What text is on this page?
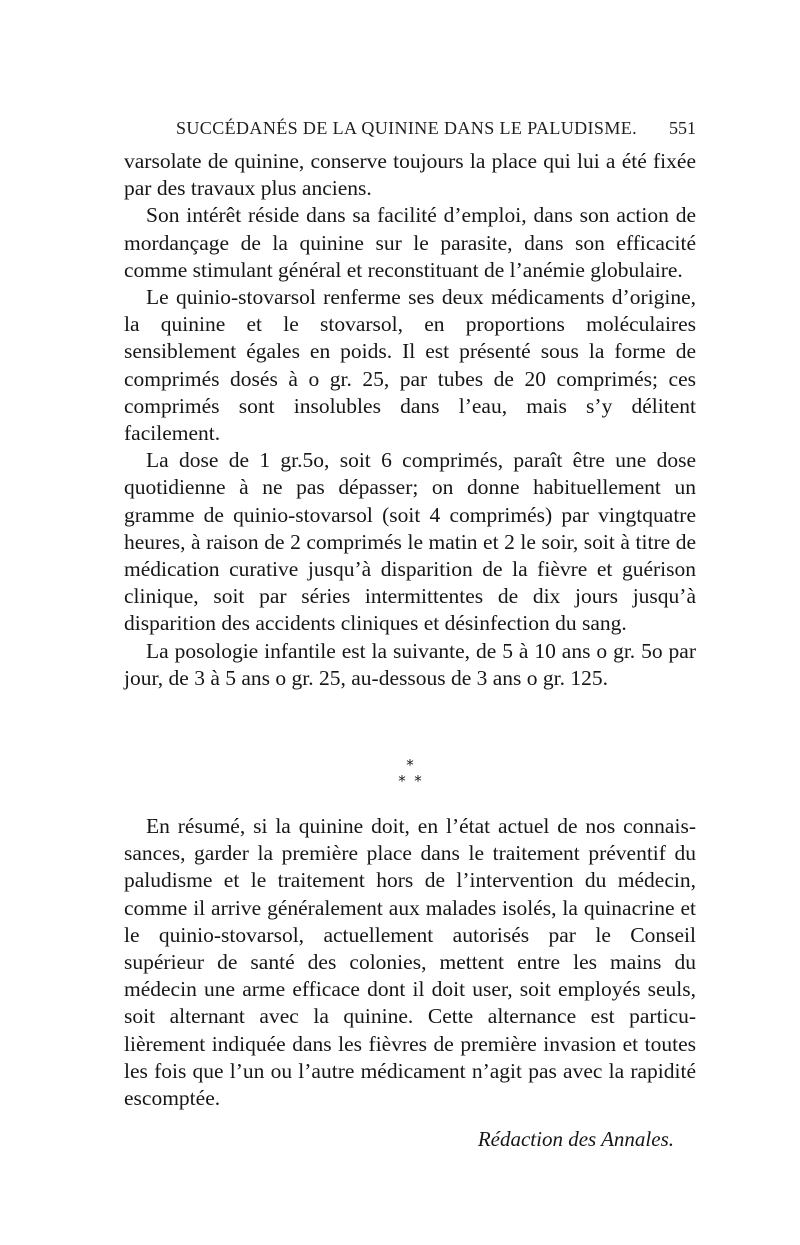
SUCCÉDANÉS DE LA QUININE DANS LE PALUDISME. 551

varsolate de quinine, conserve toujours la place qui lui a été fixée par des travaux plus anciens.

Son intérêt réside dans sa facilité d’emploi, dans son action de mordançage de la quinine sur le parasite, dans son efficacité comme stimulant général et reconstituant de l’anémie globulaire.

Le quinio-stovarsol renferme ses deux médicaments d’origine, la quinine et le stovarsol, en proportions moléculaires sensiblement égales en poids. Il est présenté sous la forme de comprimés dosés à o gr. 25, par tubes de 20 comprimés; ces comprimés sont insolubles dans l’eau, mais s’y délitent facilement.

La dose de 1 gr.5o, soit 6 comprimés, paraît être une dose quotidienne à ne pas dépasser; on donne habituellement un gramme de quinio-stovarsol (soit 4 comprimés) par vingtquatre heures, à raison de 2 comprimés le matin et 2 le soir, soit à titre de médication curative jusqu’à disparition de la fièvre et guérison clinique, soit par séries intermittentes de dix jours jusqu’à disparition des accidents cliniques et désinfection du sang.

La posologie infantile est la suivante, de 5 à 10 ans o gr. 5o par jour, de 3 à 5 ans o gr. 25, au-dessous de 3 ans o gr. 125.

*
* *

En résumé, si la quinine doit, en l’état actuel de nos connaissances, garder la première place dans le traitement préventif du paludisme et le traitement hors de l’intervention du médecin, comme il arrive généralement aux malades isolés, la quinacrine et le quinio-stovarsol, actuellement autorisés par le Conseil supérieur de santé des colonies, mettent entre les mains du médecin une arme efficace dont il doit user, soit employés seuls, soit alternant avec la quinine. Cette alternance est particulièrement indiquée dans les fièvres de première invasion et toutes les fois que l’un ou l’autre médicament n’agit pas avec la rapidité escomptée.

Rédaction des Annales.
